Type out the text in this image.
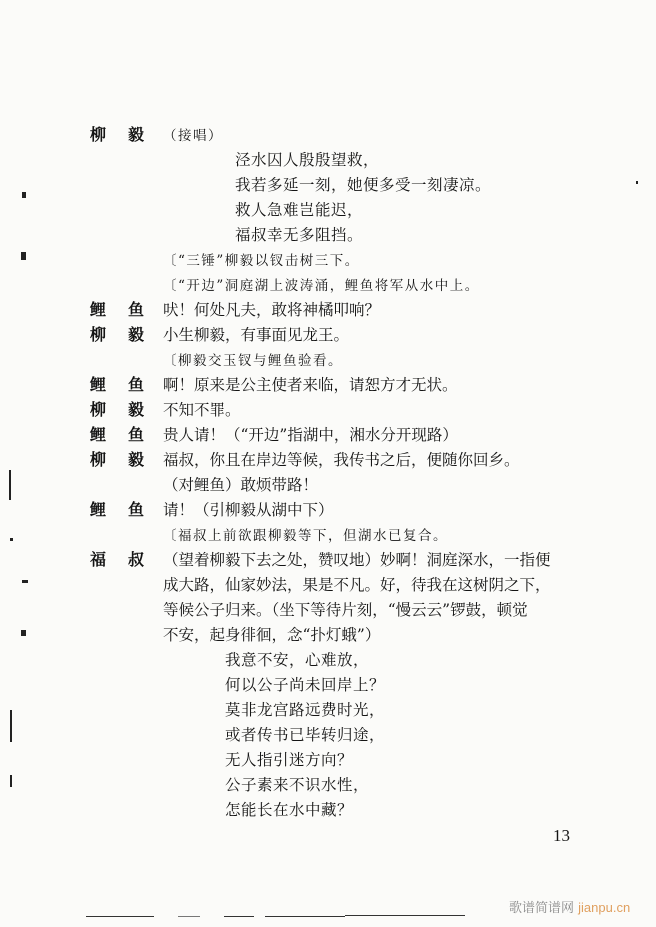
柳 毅 （接唱）
泾水囚人殷殷望救，
我若多延一刻，她便多受一刻凄凉。
救人急难岂能迟，
福叔幸无多阻挡。
〔“三锤”柳毅以钗击树三下。
〔“开边”洞庭湖上波涛涌，鲤鱼将军从水中上。
鲤 鱼 吠！何处凡夫，敢将神橘叩响？
柳 毅 小生柳毅，有事面见龙王。
〔柳毅交玉钗与鲤鱼验看。
鲤 鱼 啊！原来是公主使者来临，请恕方才无状。
柳 毅 不知不罪。
鲤 鱼 贵人请！（“开边”指湖中，湘水分开现路）
柳 毅 福叔，你且在岸边等候，我传书之后，便随你回乡。
（对鲤鱼）敢烦带路！
鲤 鱼 请！（引柳毅从湖中下）
〔福叔上前欲跟柳毅等下，但湖水已复合。
福 叔 （望着柳毅下去之处，赞叹地）妙啊！洞庭深水，一指便
成大路，仙家妙法，果是不凡。好，待我在这树阴之下，
等候公子归来。（坐下等待片刻，“慢云云”锣鼓，顿觉
不安，起身徘徊，念“扑灯蛾”）
我意不安，心难放，
何以公子尚未回岸上？
莫非龙宫路远费时光，
或者传书已毕转归途，
无人指引迷方向？
公子素来不识水性，
怎能长在水中藏？
13
歌谱简谱网 jianpu.cn
